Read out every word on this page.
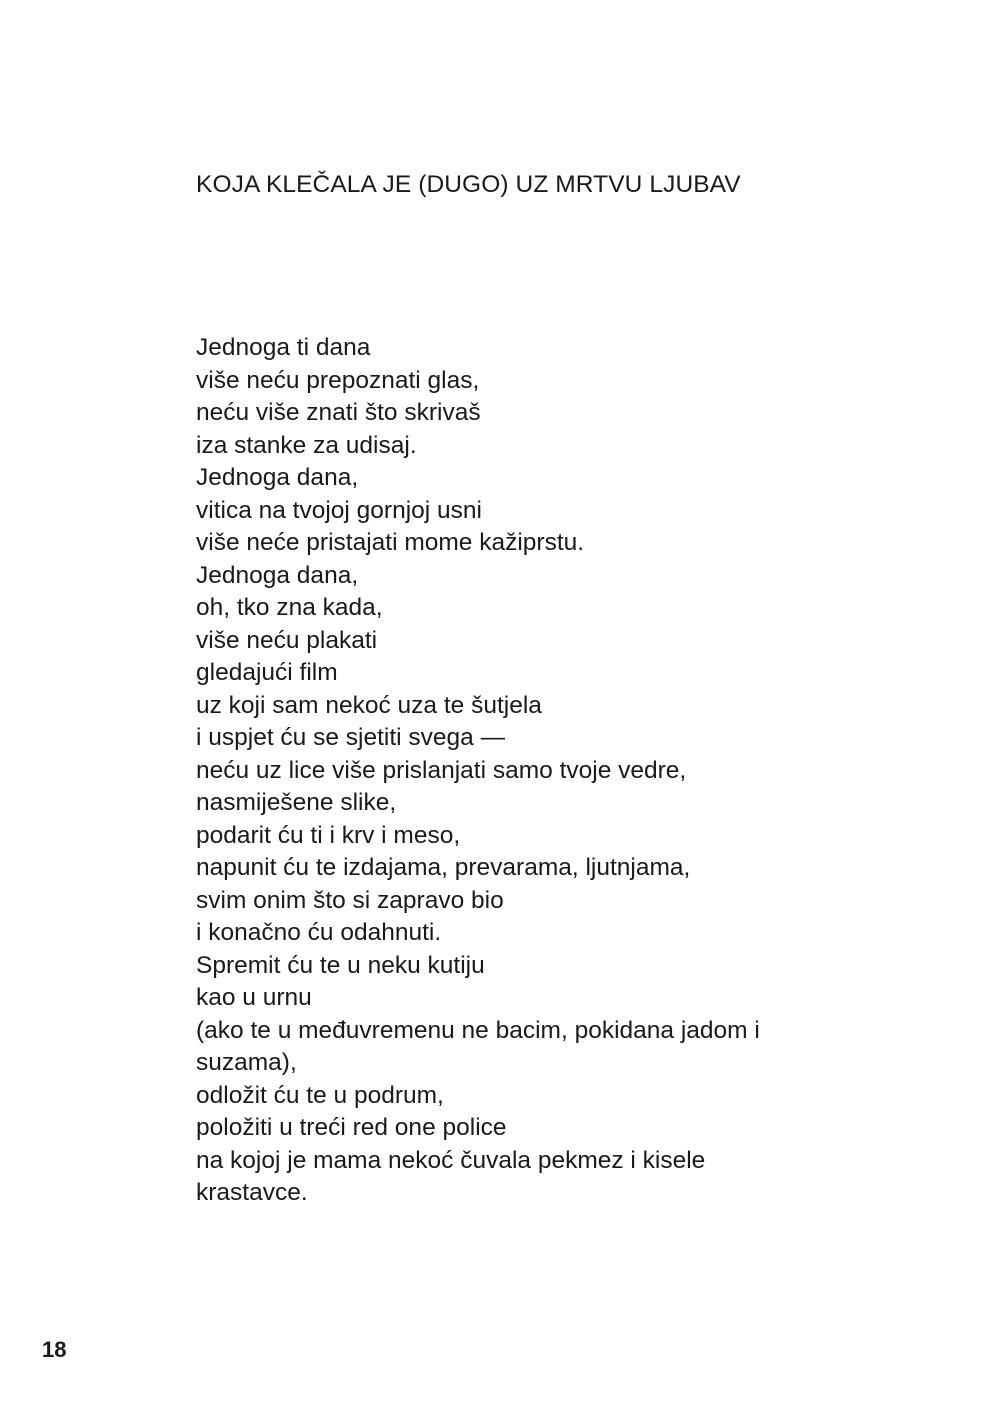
KOJA KLEČALA JE (DUGO) UZ MRTVU LJUBAV
Jednoga ti dana
više neću prepoznati glas,
neću više znati što skrivaš
iza stanke za udisaj.
Jednoga dana,
vitica na tvojoj gornjoj usni
više neće pristajati mome kažiprstu.
Jednoga dana,
oh, tko zna kada,
više neću plakati
gledajući film
uz koji sam nekoć uza te šutjela
i uspjet ću se sjetiti svega —
neću uz lice više prislanjati samo tvoje vedre,
nasmiješene slike,
podarit ću ti i krv i meso,
napunit ću te izdajama, prevarama, ljutnjama,
svim onim što si zapravo bio
i konačno ću odahnuti.
Spremit ću te u neku kutiju
kao u urnu
(ako te u međuvremenu ne bacim, pokidana jadom i
suzama),
odložit ću te u podrum,
položiti u treći red one police
na kojoj je mama nekoć čuvala pekmez i kisele
krastavce.
18
